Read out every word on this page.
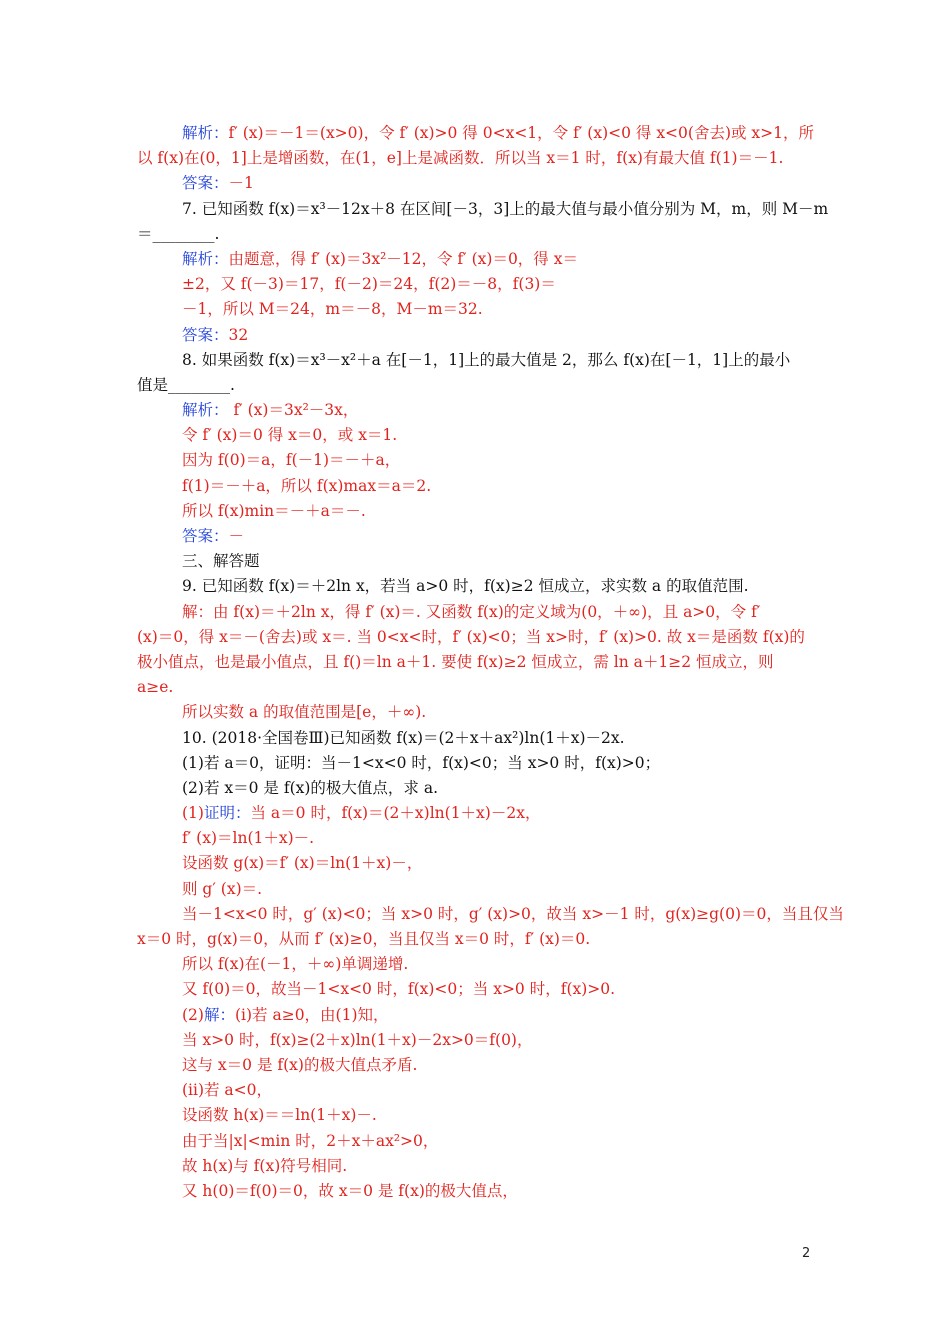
解析：f′ (x)＝－1＝(x>0)，令 f′ (x)>0 得 0<x<1，令 f′ (x)<0 得 x<0(舍去)或 x>1，所
以 f(x)在(0，1]上是增函数，在(1，e]上是减函数．所以当 x＝1 时，f(x)有最大值 f(1)＝－1.
答案：－1
7. 已知函数 f(x)＝x³－12x＋8 在区间[－3，3]上的最大值与最小值分别为 M，m，则 M－m
＝________.
解析：由题意，得 f′ (x)＝3x²－12，令 f′ (x)＝0，得 x＝
±2，又 f(－3)＝17，f(－2)＝24，f(2)＝－8，f(3)＝
－1，所以 M＝24，m＝－8，M－m＝32.
答案：32
8. 如果函数 f(x)＝x³－x²＋a 在[－1，1]上的最大值是 2，那么 f(x)在[－1，1]上的最小
值是________.
解析： f′ (x)＝3x²－3x，
令 f′ (x)＝0 得 x＝0，或 x＝1.
因为 f(0)＝a，f(－1)＝－＋a，
f(1)＝－＋a，所以 f(x)max＝a＝2.
所以 f(x)min＝－＋a＝－.
答案：－
三、解答题
9. 已知函数 f(x)＝＋2ln x，若当 a>0 时，f(x)≥2 恒成立，求实数 a 的取值范围.
解：由 f(x)＝＋2ln x，得 f′ (x)＝. 又函数 f(x)的定义域为(0，＋∞)，且 a>0，令 f′
(x)＝0，得 x＝－(舍去)或 x＝. 当 0<x<时，f′ (x)<0；当 x>时，f′ (x)>0. 故 x＝是函数 f(x)的
极小值点，也是最小值点，且 f()＝ln a＋1. 要使 f(x)≥2 恒成立，需 ln a＋1≥2 恒成立，则
a≥e.
所以实数 a 的取值范围是[e，＋∞).
10. (2018·全国卷Ⅲ)已知函数 f(x)＝(2＋x＋ax²)ln(1＋x)－2x.
(1)若 a＝0，证明：当－1<x<0 时，f(x)<0；当 x>0 时，f(x)>0；
(2)若 x＝0 是 f(x)的极大值点，求 a.
(1)证明：当 a＝0 时，f(x)＝(2＋x)ln(1＋x)－2x，
f′ (x)＝ln(1＋x)－.
设函数 g(x)＝f′ (x)＝ln(1＋x)－，
则 g′ (x)＝.
当－1<x<0 时，g′ (x)<0；当 x>0 时，g′ (x)>0，故当 x>－1 时，g(x)≥g(0)＝0，当且仅当
x＝0 时，g(x)＝0，从而 f′ (x)≥0，当且仅当 x＝0 时，f′ (x)＝0.
所以 f(x)在(－1，＋∞)单调递增.
又 f(0)＝0，故当－1<x<0 时，f(x)<0；当 x>0 时，f(x)>0.
(2)解：(ⅰ)若 a≥0，由(1)知，
当 x>0 时，f(x)≥(2＋x)ln(1＋x)－2x>0＝f(0)，
这与 x＝0 是 f(x)的极大值点矛盾.
(ⅱ)若 a<0，
设函数 h(x)＝＝ln(1＋x)－.
由于当|x|<min 时，2＋x＋ax²>0，
故 h(x)与 f(x)符号相同.
又 h(0)＝f(0)＝0，故 x＝0 是 f(x)的极大值点，
2
